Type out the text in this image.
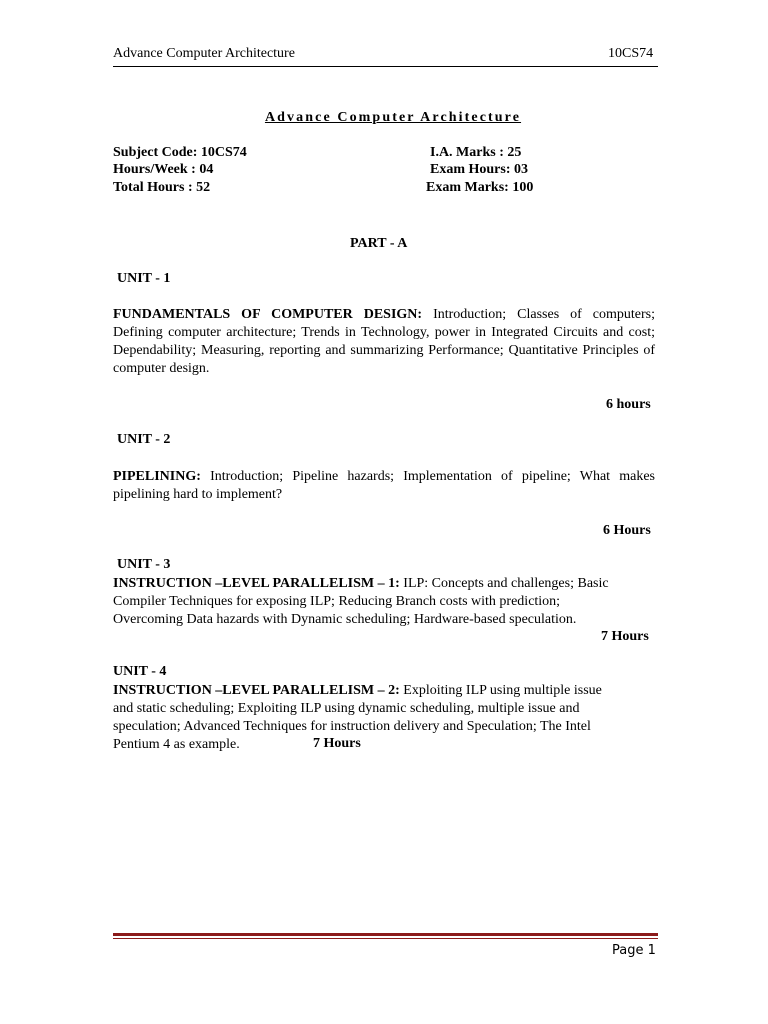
Advance Computer Architecture	10CS74
Advance Computer Architecture
Subject Code: 10CS74
Hours/Week : 04
Total Hours : 52
I.A. Marks : 25
Exam Hours: 03
Exam Marks: 100
PART - A
UNIT - 1
FUNDAMENTALS OF COMPUTER DESIGN: Introduction; Classes of computers; Defining computer architecture; Trends in Technology, power in Integrated Circuits and cost; Dependability; Measuring, reporting and summarizing Performance; Quantitative Principles of computer design.
6 hours
UNIT - 2
PIPELINING: Introduction; Pipeline hazards; Implementation of pipeline; What makes pipelining hard to implement?
6 Hours
UNIT - 3
INSTRUCTION –LEVEL PARALLELISM – 1: ILP: Concepts and challenges; Basic
Compiler Techniques for exposing ILP; Reducing Branch costs with prediction;
Overcoming Data hazards with Dynamic scheduling; Hardware-based speculation.
7 Hours
UNIT - 4
INSTRUCTION –LEVEL PARALLELISM – 2: Exploiting ILP using multiple issue
and static scheduling; Exploiting ILP using dynamic scheduling, multiple issue and
speculation; Advanced Techniques for instruction delivery and Speculation; The Intel
Pentium 4 as example.	7 Hours
Page 1
